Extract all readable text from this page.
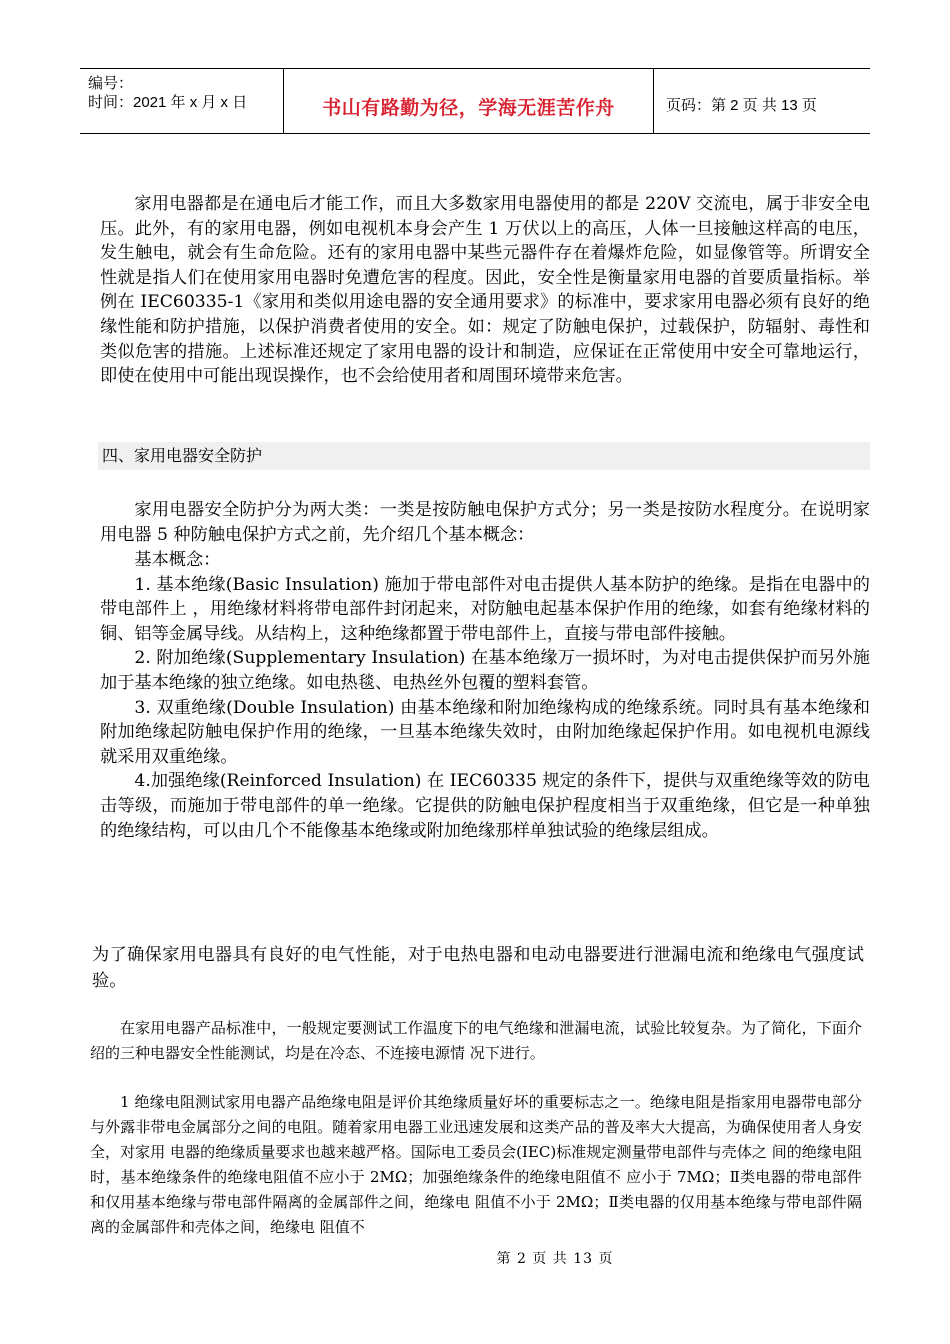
编号：
时间：2021 年 x 月 x 日	书山有路勤为径，学海无涯苦作舟	页码：第 2 页 共 13 页

家用电器都是在通电后才能工作，而且大多数家用电器使用的都是 220V 交流电，属于非安全电压。此外，有的家用电器，例如电视机本身会产生 1 万伏以上的高压，人体一旦接触这样高的电压，发生触电，就会有生命危险。还有的家用电器中某些元器件存在着爆炸危险，如显像管等。所谓安全性就是指人们在使用家用电器时免遭危害的程度。因此，安全性是衡量家用电器的首要质量指标。举例在 IEC60335-1《家用和类似用途电器的安全通用要求》的标准中，要求家用电器必须有良好的绝缘性能和防护措施，以保护消费者使用的安全。如：规定了防触电保护，过载保护，防辐射、毒性和类似危害的措施。上述标准还规定了家用电器的设计和制造，应保证在正常使用中安全可靠地运行，即使在使用中可能出现误操作，也不会给使用者和周围环境带来危害。

四、家用电器安全防护

家用电器安全防护分为两大类：一类是按防触电保护方式分；另一类是按防水程度分。在说明家用电器 5 种防触电保护方式之前，先介绍几个基本概念：

基本概念：

1. 基本绝缘(Basic Insulation) 施加于带电部件对电击提供人基本防护的绝缘。是指在电器中的带电部件上 ，用绝缘材料将带电部件封闭起来，对防触电起基本保护作用的绝缘，如套有绝缘材料的铜、铝等金属导线。从结构上，这种绝缘都置于带电部件上，直接与带电部件接触。

2. 附加绝缘(Supplementary Insulation) 在基本绝缘万一损坏时，为对电击提供保护而另外施加于基本绝缘的独立绝缘。如电热毯、电热丝外包覆的塑料套管。

3. 双重绝缘(Double Insulation) 由基本绝缘和附加绝缘构成的绝缘系统。同时具有基本绝缘和附加绝缘起防触电保护作用的绝缘，一旦基本绝缘失效时，由附加绝缘起保护作用。如电视机电源线就采用双重绝缘。

4.加强绝缘(Reinforced Insulation) 在 IEC60335 规定的条件下，提供与双重绝缘等效的防电击等级，而施加于带电部件的单一绝缘。它提供的防触电保护程度相当于双重绝缘，但它是一种单独的绝缘结构，可以由几个不能像基本绝缘或附加绝缘那样单独试验的绝缘层组成。

为了确保家用电器具有良好的电气性能，对于电热电器和电动电器要进行泄漏电流和绝缘电气强度试验。

在家用电器产品标准中，一般规定要测试工作温度下的电气绝缘和泄漏电流，试验比较复杂。为了简化，下面介绍的三种电器安全性能测试，均是在冷态、不连接电源情 况下进行。

1 绝缘电阻测试家用电器产品绝缘电阻是评价其绝缘质量好坏的重要标志之一。绝缘电阻是指家用电器带电部分与外露非带电金属部分之间的电阻。随着家用电器工业迅速发展和这类产品的普及率大大提高，为确保使用者人身安全，对家用 电器的绝缘质量要求也越来越严格。国际电工委员会(IEC)标准规定测量带电部件与壳体之 间的绝缘电阻时，基本绝缘条件的绝缘电阻值不应小于 2MΩ；加强绝缘条件的绝缘电阻值不 应小于 7MΩ；Ⅱ类电器的带电部件和仅用基本绝缘与带电部件隔离的金属部件之间，绝缘电 阻值不小于 2MΩ；Ⅱ类电器的仅用基本绝缘与带电部件隔离的金属部件和壳体之间，绝缘电 阻值不

第 2 页 共 13 页
